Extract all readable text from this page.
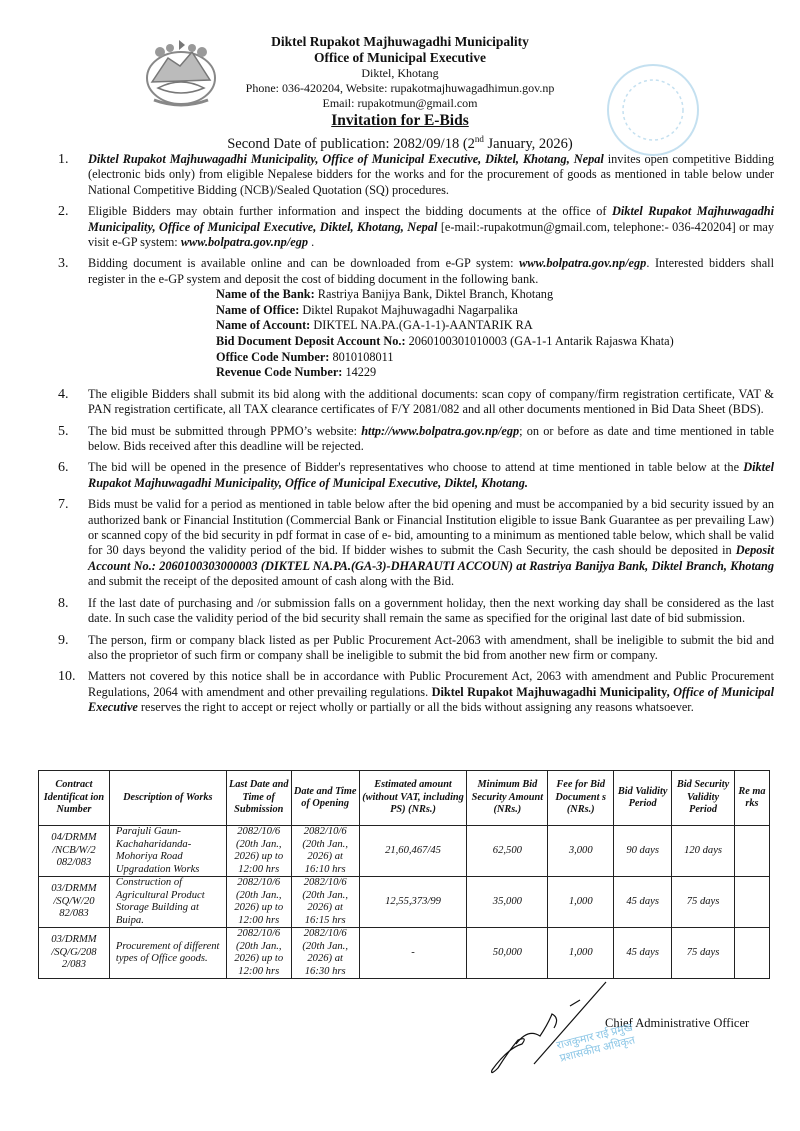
Diktel Rupakot Majhuwagadhi Municipality
Office of Municipal Executive
Diktel, Khotang
Phone: 036-420204, Website: rupakotmajhuwagadhimun.gov.np
Email: rupakotmun@gmail.com
Invitation for E-Bids
Second Date of publication: 2082/09/18 (2nd January, 2026)
1.	Diktel Rupakot Majhuwagadhi Municipality, Office of Municipal Executive, Diktel, Khotang, Nepal invites open competitive Bidding (electronic bids only) from eligible Nepalese bidders for the works and for the procurement of goods as mentioned in table below under National Competitive Bidding (NCB)/Sealed Quotation (SQ) procedures.
2.	Eligible Bidders may obtain further information and inspect the bidding documents at the office of Diktel Rupakot Majhuwagadhi Municipality, Office of Municipal Executive, Diktel, Khotang, Nepal [e-mail:-rupakotmun@gmail.com, telephone:- 036-420204] or may visit e-GP system: www.bolpatra.gov.np/egp .
3.	Bidding document is available online and can be downloaded from e-GP system: www.bolpatra.gov.np/egp. Interested bidders shall register in the e-GP system and deposit the cost of bidding document in the following bank.
Name of the Bank: Rastriya Banijya Bank, Diktel Branch, Khotang
Name of Office: Diktel Rupakot Majhuwagadhi Nagarpalika
Name of Account: DIKTEL NA.PA.(GA-1-1)-AANTARIK RA
Bid Document Deposit Account No.: 2060100301010003 (GA-1-1 Antarik Rajaswa Khata)
Office Code Number: 8010108011
Revenue Code Number: 14229
4.	The eligible Bidders shall submit its bid along with the additional documents: scan copy of company/firm registration certificate, VAT & PAN registration certificate, all TAX clearance certificates of F/Y 2081/082 and all other documents mentioned in Bid Data Sheet (BDS).
5.	The bid must be submitted through PPMO’s website: http://www.bolpatra.gov.np/egp; on or before as date and time mentioned in table below. Bids received after this deadline will be rejected.
6.	The bid will be opened in the presence of Bidder's representatives who choose to attend at time mentioned in table below at the Diktel Rupakot Majhuwagadhi Municipality, Office of Municipal Executive, Diktel, Khotang.
7.	Bids must be valid for a period as mentioned in table below after the bid opening and must be accompanied by a bid security issued by an authorized bank or Financial Institution (Commercial Bank or Financial Institution eligible to issue Bank Guarantee as per prevailing Law) or scanned copy of the bid security in pdf format in case of e- bid, amounting to a minimum as mentioned table below, which shall be valid for 30 days beyond the validity period of the bid. If bidder wishes to submit the Cash Security, the cash should be deposited in Deposit Account No.: 2060100303000003 (DIKTEL NA.PA.(GA-3)-DHARAUTI ACCOUN) at Rastriya Banijya Bank, Diktel Branch, Khotang and submit the receipt of the deposited amount of cash along with the Bid.
8.	If the last date of purchasing and /or submission falls on a government holiday, then the next working day shall be considered as the last date. In such case the validity period of the bid security shall remain the same as specified for the original last date of bid submission.
9.	The person, firm or company black listed as per Public Procurement Act-2063 with amendment, shall be ineligible to submit the bid and also the proprietor of such firm or company shall be ineligible to submit the bid from another new firm or company.
10.	Matters not covered by this notice shall be in accordance with Public Procurement Act, 2063 with amendment and Public Procurement Regulations, 2064 with amendment and other prevailing regulations. Diktel Rupakot Majhuwagadhi Municipality, Office of Municipal Executive reserves the right to accept or reject wholly or partially or all the bids without assigning any reasons whatsoever.
Contract Identificat ion Number	Description of Works	Last Date and Time of Submission	Date and Time of Opening	Estimated amount (without VAT, including PS) (NRs.)	Minimum Bid Security Amount (NRs.)	Fee for Bid Document s (NRs.)	Bid Validity Period	Bid Security Validity Period	Re ma rks
04/DRMM /NCB/W/2 082/083	Parajuli Gaun-Kachaharidanda-Mohoriya Road Upgradation Works	2082/10/6 (20th Jan., 2026) up to 12:00 hrs	2082/10/6 (20th Jan., 2026) at 16:10 hrs	21,60,467/45	62,500	3,000	90 days	120 days	
03/DRMM /SQ/W/20 82/083	Construction of Agricultural Product Storage Building at Buipa.	2082/10/6 (20th Jan., 2026) up to 12:00 hrs	2082/10/6 (20th Jan., 2026) at 16:15 hrs	12,55,373/99	35,000	1,000	45 days	75 days	
03/DRMM /SQ/G/208 2/083	Procurement of different types of Office goods.	2082/10/6 (20th Jan., 2026) up to 12:00 hrs	2082/10/6 (20th Jan., 2026) at 16:30 hrs	-	50,000	1,000	45 days	75 days	
Chief Administrative Officer
राजकुमार राई प्रमुख प्रशासकीय अधिकृत
